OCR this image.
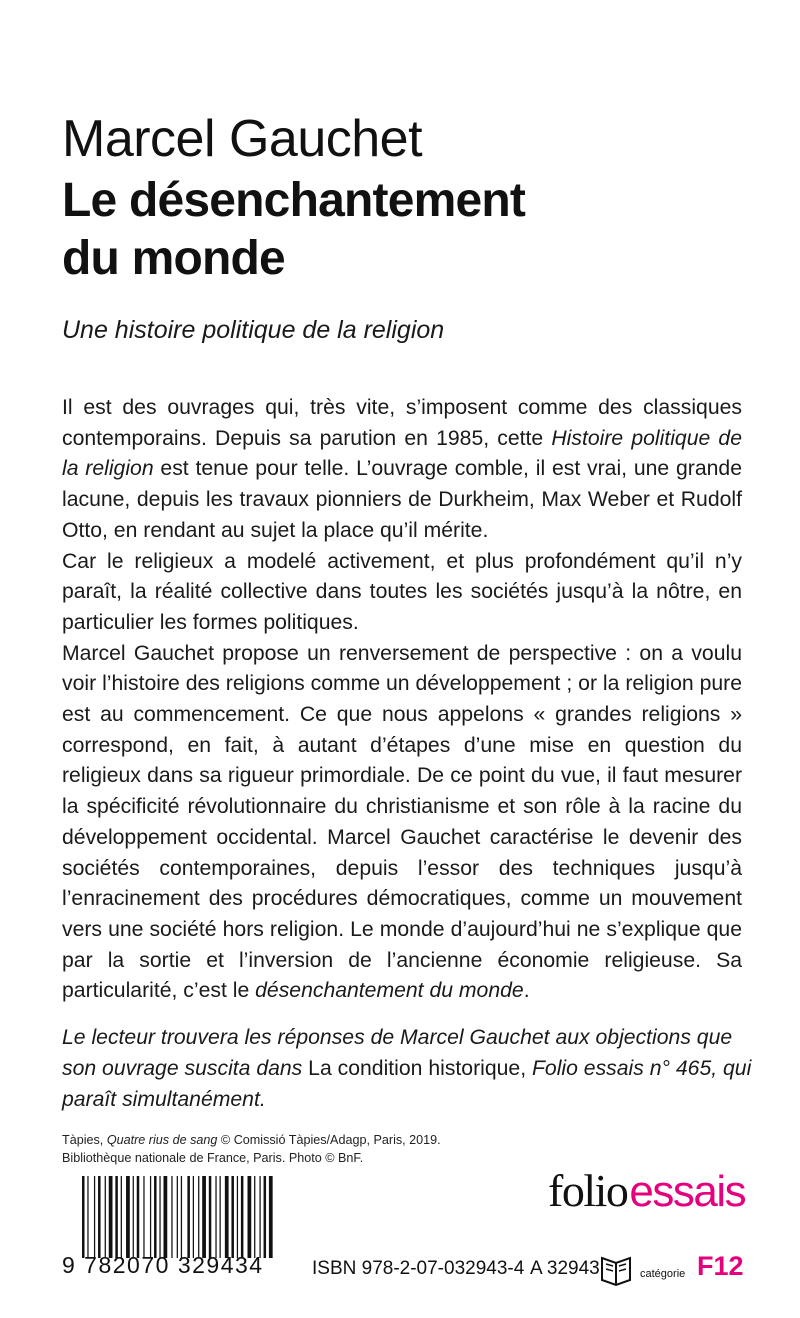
Marcel Gauchet
Le désenchantement
du monde
Une histoire politique de la religion

Il est des ouvrages qui, très vite, s’imposent comme des classiques contemporains. Depuis sa parution en 1985, cette Histoire politique de la religion est tenue pour telle. L’ouvrage comble, il est vrai, une grande lacune, depuis les travaux pionniers de Durkheim, Max Weber et Rudolf Otto, en rendant au sujet la place qu’il mérite.

Car le religieux a modelé activement, et plus profondément qu’il n’y paraît, la réalité collective dans toutes les sociétés jusqu’à la nôtre, en particulier les formes politiques.

Marcel Gauchet propose un renversement de perspective : on a voulu voir l’histoire des religions comme un développement ; or la religion pure est au commencement. Ce que nous appelons « grandes religions » correspond, en fait, à autant d’étapes d’une mise en question du religieux dans sa rigueur primordiale. De ce point du vue, il faut mesurer la spécificité révolutionnaire du christianisme et son rôle à la racine du développement occidental. Marcel Gauchet caractérise le devenir des sociétés contemporaines, depuis l’essor des techniques jusqu’à l’enracinement des procédures démocratiques, comme un mouvement vers une société hors religion. Le monde d’aujourd’hui ne s’explique que par la sortie et l’inversion de l’ancienne économie religieuse. Sa particularité, c’est le désenchantement du monde.

Le lecteur trouvera les réponses de Marcel Gauchet aux objections que son ouvrage suscita dans La condition historique, Folio essais n° 465, qui paraît simultanément.
Tàpies, Quatre rius de sang © Comissió Tàpies/Adagp, Paris, 2019.
Bibliothèque nationale de France, Paris. Photo © BnF.
9 782070 329434	ISBN 978-2-07-032943-4 A 32943
folioessais
catégorie F12
